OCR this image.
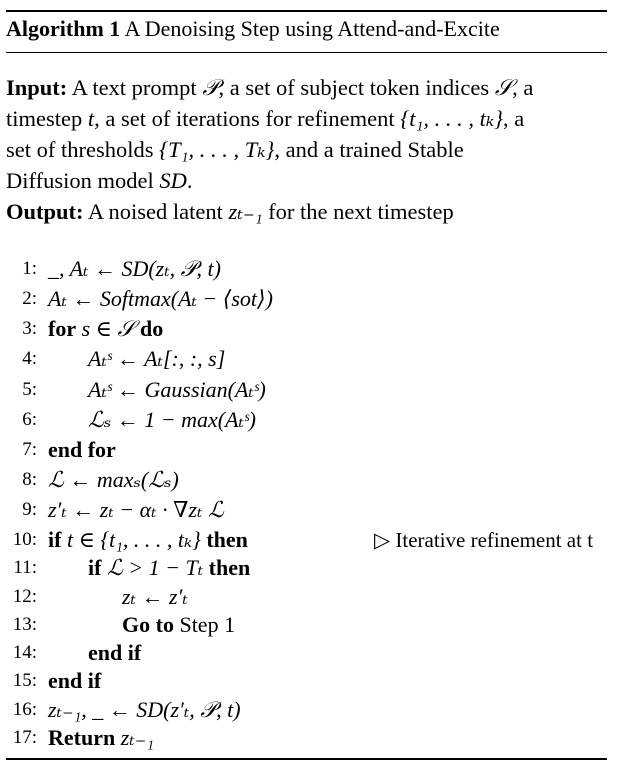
Algorithm 1 A Denoising Step using Attend-and-Excite
Input: A text prompt 𝒫, a set of subject token indices 𝒮, a
timestep t, a set of iterations for refinement {t₁, . . . , tₖ}, a
set of thresholds {T₁, . . . , Tₖ}, and a trained Stable
Diffusion model SD.
Output: A noised latent zₜ₋₁ for the next timestep
1: _, Aₜ ← SD(zₜ, 𝒫, t)
2: Aₜ ← Softmax(Aₜ − ⟨sot⟩)
3: for s ∈ 𝒮 do
4: Aₜˢ ← Aₜ[:, :, s]
5: Aₜˢ ← Gaussian(Aₜˢ)
6: ℒₛ ← 1 − max(Aₜˢ)
7: end for
8: ℒ ← maxₛ(ℒₛ)
9: z′ₜ ← zₜ − αₜ · ∇zₜ ℒ
10: if t ∈ {t₁, . . . , tₖ} then	▷ Iterative refinement at t
11: if ℒ > 1 − Tₜ then
12:	zₜ ← z′ₜ
13:	Go to Step 1
14: end if
15: end if
16: zₜ₋₁, _ ← SD(z′ₜ, 𝒫, t)
17: Return zₜ₋₁
